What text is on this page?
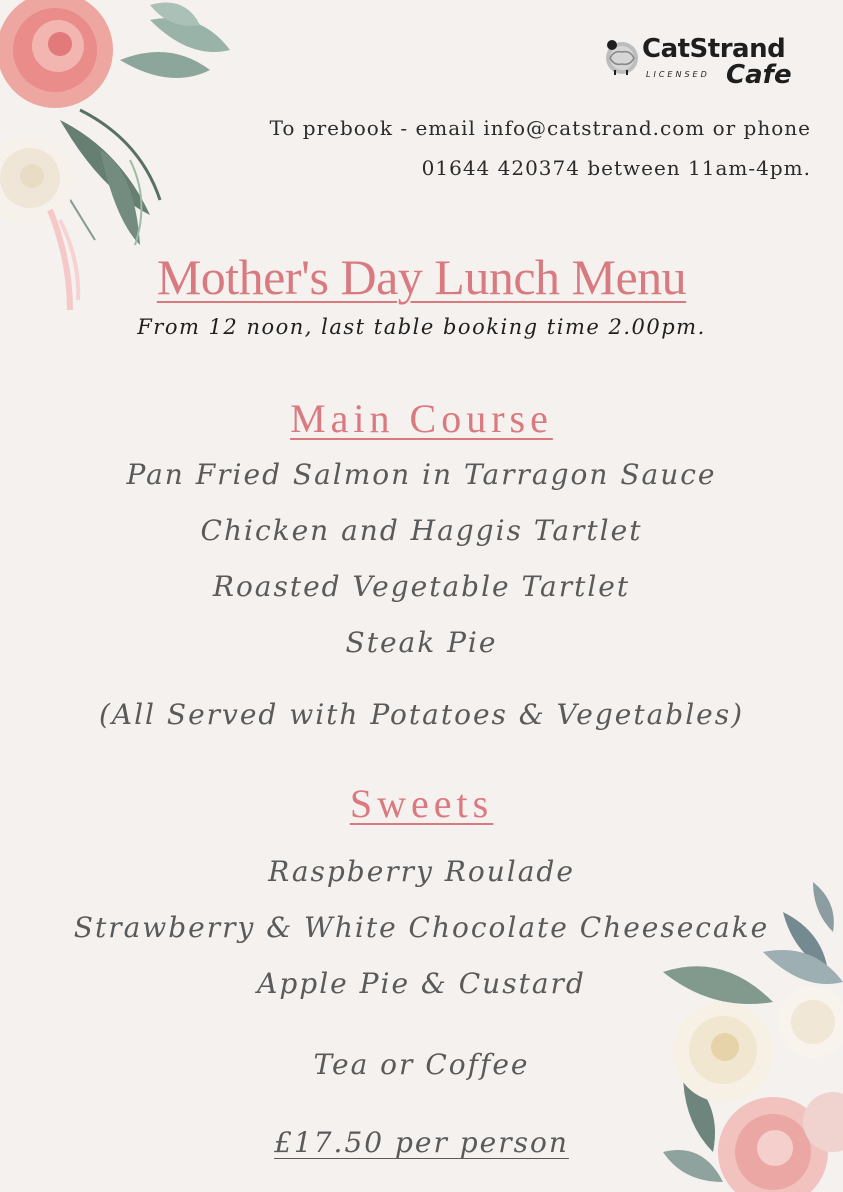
CatStrand
LICENSED Cafe
To prebook - email info@catstrand.com or phone
01644 420374 between 11am-4pm.
Mother's Day Lunch Menu
From 12 noon, last table booking time 2.00pm.
Main Course
Pan Fried Salmon in Tarragon Sauce
Chicken and Haggis Tartlet
Roasted Vegetable Tartlet
Steak Pie
(All Served with Potatoes & Vegetables)
Sweets
Raspberry Roulade
Strawberry & White Chocolate Cheesecake
Apple Pie & Custard
Tea or Coffee
£17.50 per person
